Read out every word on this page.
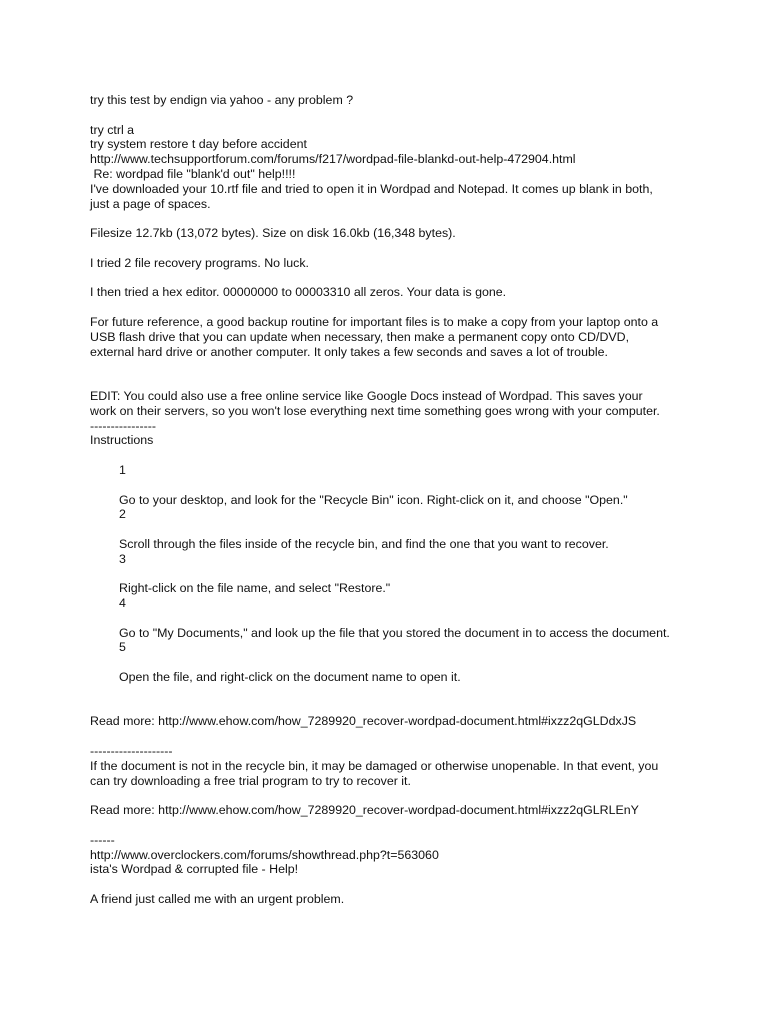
try this test by endign via yahoo - any problem ?
try ctrl a
try system restore t day before accident
http://www.techsupportforum.com/forums/f217/wordpad-file-blankd-out-help-472904.html
Re: wordpad file "blank'd out" help!!!!
I've downloaded your 10.rtf file and tried to open it in Wordpad and Notepad. It comes up blank in both,
just a page of spaces.
Filesize 12.7kb (13,072 bytes). Size on disk 16.0kb (16,348 bytes).
I tried 2 file recovery programs. No luck.
I then tried a hex editor. 00000000 to 00003310 all zeros. Your data is gone.
For future reference, a good backup routine for important files is to make a copy from your laptop onto a
USB flash drive that you can update when necessary, then make a permanent copy onto CD/DVD,
external hard drive or another computer. It only takes a few seconds and saves a lot of trouble.
EDIT: You could also use a free online service like Google Docs instead of Wordpad. This saves your
work on their servers, so you won't lose everything next time something goes wrong with your computer.
----------------
Instructions
1
Go to your desktop, and look for the "Recycle Bin" icon. Right-click on it, and choose "Open."
2
Scroll through the files inside of the recycle bin, and find the one that you want to recover.
3
Right-click on the file name, and select "Restore."
4
Go to "My Documents," and look up the file that you stored the document in to access the document.
5
Open the file, and right-click on the document name to open it.
Read more: http://www.ehow.com/how_7289920_recover-wordpad-document.html#ixzz2qGLDdxJS
--------------------
If the document is not in the recycle bin, it may be damaged or otherwise unopenable. In that event, you
can try downloading a free trial program to try to recover it.
Read more: http://www.ehow.com/how_7289920_recover-wordpad-document.html#ixzz2qGLRLEnY
------
http://www.overclockers.com/forums/showthread.php?t=563060
ista's Wordpad & corrupted file - Help!
A friend just called me with an urgent problem.
